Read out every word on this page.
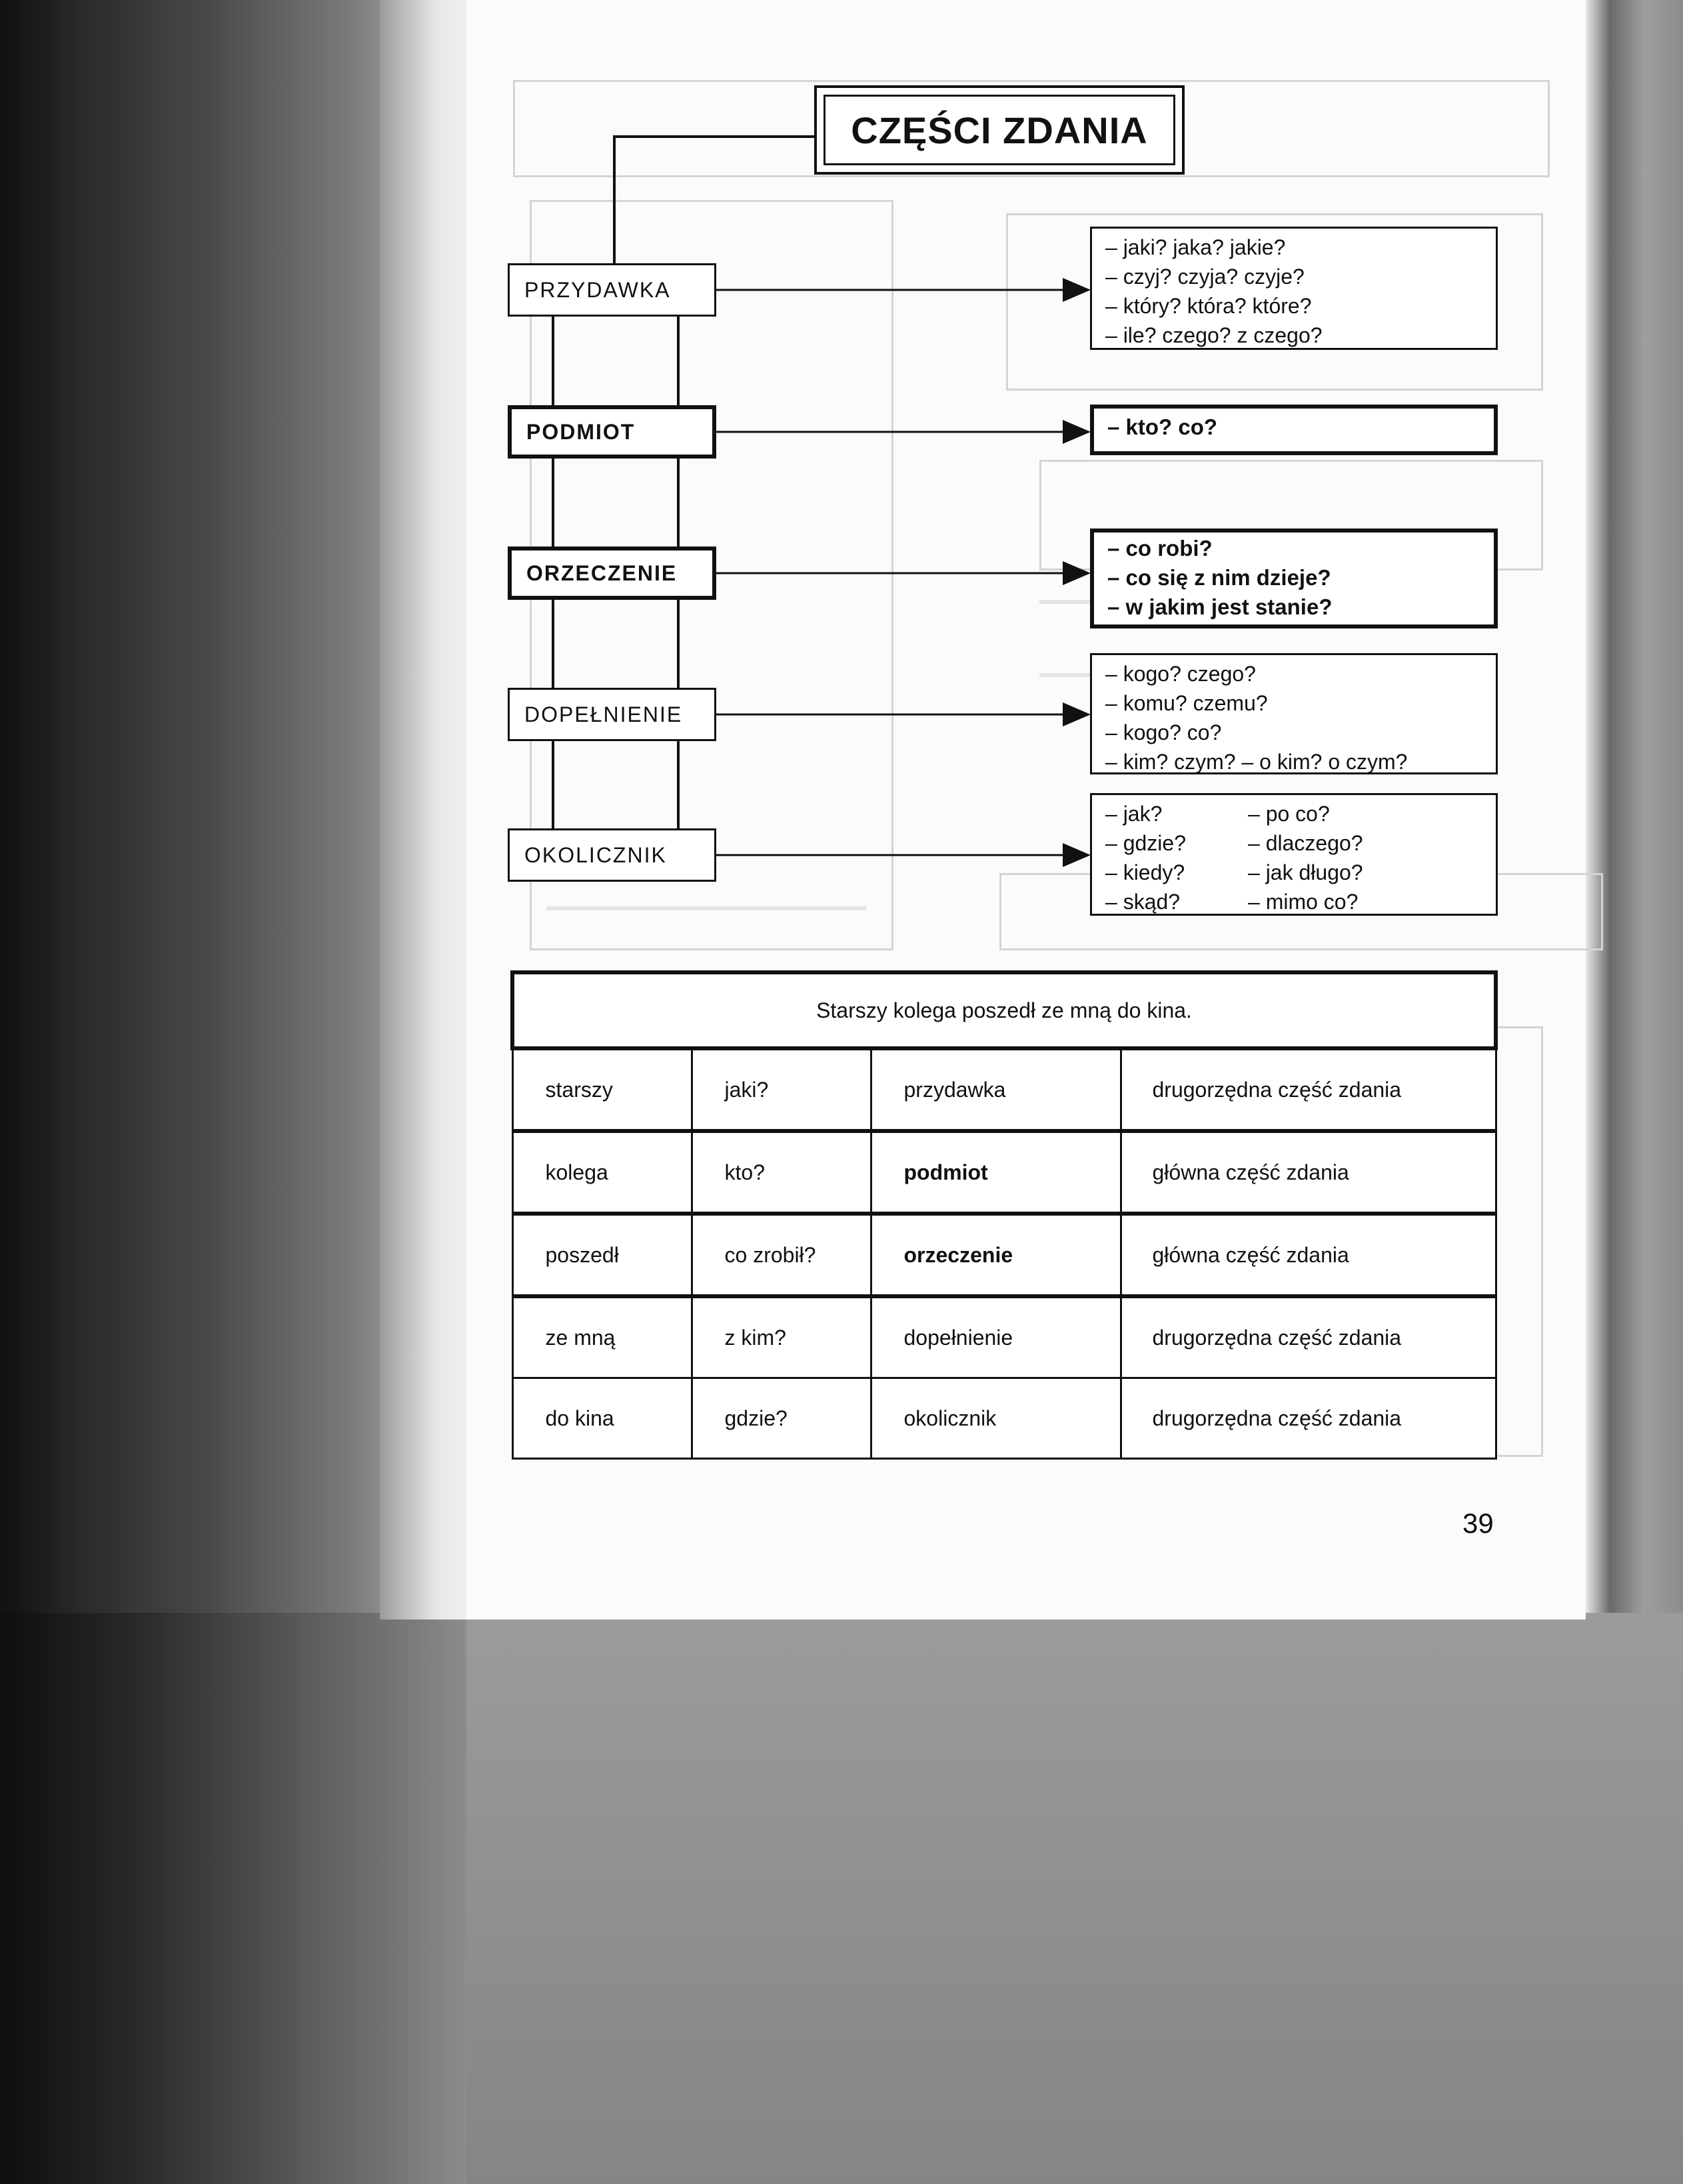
CZĘŚCI ZDANIA
PRZYDAWKA
PODMIOT
ORZECZENIE
DOPEŁNIENIE
OKOLICZNIK
– jaki? jaka? jakie?
– czyj? czyja? czyje?
– który? która? które?
– ile? czego? z czego?
– kto? co?
– co robi?
– co się z nim dzieje?
– w jakim jest stanie?
– kogo? czego?
– komu? czemu?
– kogo? co?
– kim? czym? – o kim? o czym?
– jak?	– po co?
– gdzie?	– dlaczego?
– kiedy?	– jak długo?
– skąd?	– mimo co?
Starszy kolega poszedł ze mną do kina.			
starszy	jaki?	przydawka	drugorzędna część zdania
kolega	kto?	podmiot	główna część zdania
poszedł	co zrobił?	orzeczenie	główna część zdania
ze mną	z kim?	dopełnienie	drugorzędna część zdania
do kina	gdzie?	okolicznik	drugorzędna część zdania
39
